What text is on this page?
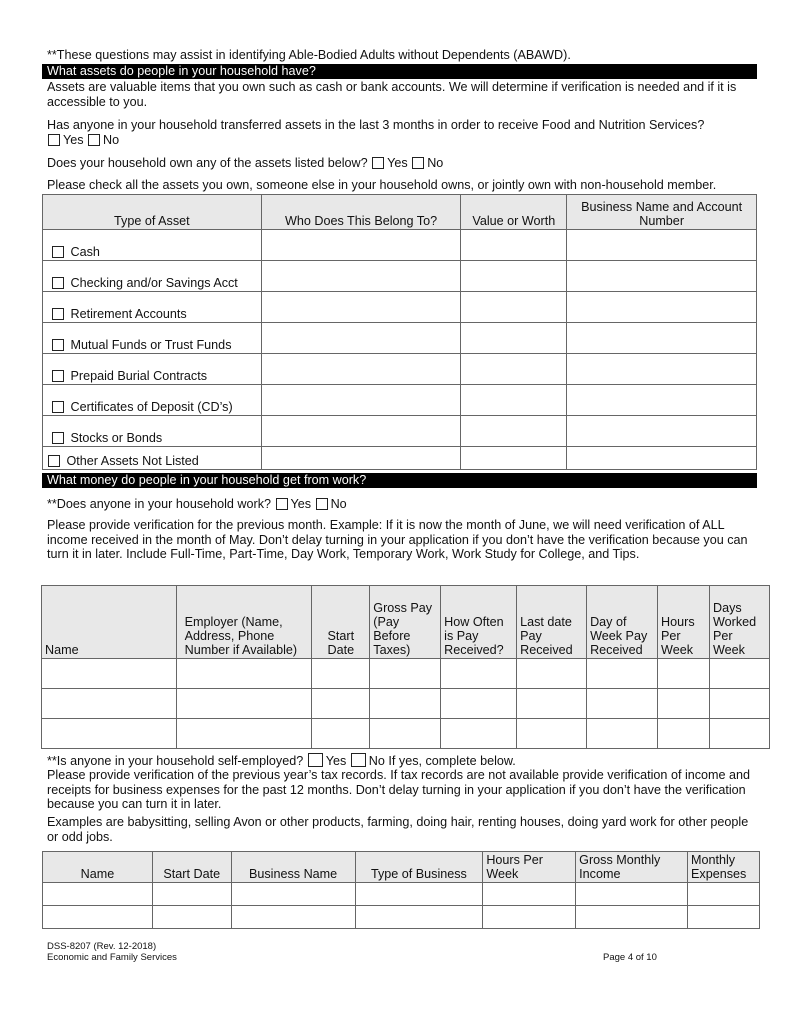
**These questions may assist in identifying Able-Bodied Adults without Dependents (ABAWD).
What assets do people in your household have?
Assets are valuable items that you own such as cash or bank accounts. We will determine if verification is needed and if it is accessible to you.
Has anyone in your household transferred assets in the last 3 months in order to receive Food and Nutrition Services?
Yes No
Does your household own any of the assets listed below? Yes No
Please check all the assets you own, someone else in your household owns, or jointly own with non-household member.
Type of Asset	Who Does This Belong To?	Value or Worth	Business Name and Account Number
Cash			
Checking and/or Savings Acct			
Retirement Accounts			
Mutual Funds or Trust Funds			
Prepaid Burial Contracts			
Certificates of Deposit (CD’s)			
Stocks or Bonds			
Other Assets Not Listed			
What money do people in your household get from work?
**Does anyone in your household work? Yes No
Please provide verification for the previous month. Example: If it is now the month of June, we will need verification of ALL income received in the month of May. Don’t delay turning in your application if you don’t have the verification because you can turn it in later. Include Full-Time, Part-Time, Day Work, Temporary Work, Work Study for College, and Tips.
Name	Employer (Name, Address, Phone Number if Available)	Start Date	Gross Pay (Pay Before Taxes)	How Often is Pay Received?	Last date Pay Received	Day of Week Pay Received	Hours Per Week	Days Worked Per Week

**Is anyone in your household self-employed? Yes No If yes, complete below.
Please provide verification of the previous year’s tax records. If tax records are not available provide verification of income and receipts for business expenses for the past 12 months. Don’t delay turning in your application if you don’t have the verification because you can turn it in later.
Examples are babysitting, selling Avon or other products, farming, doing hair, renting houses, doing yard work for other people or odd jobs.
Name	Start Date	Business Name	Type of Business	Hours Per Week	Gross Monthly Income	Monthly Expenses

DSS-8207 (Rev. 12-2018)
Economic and Family Services	Page 4 of 10
